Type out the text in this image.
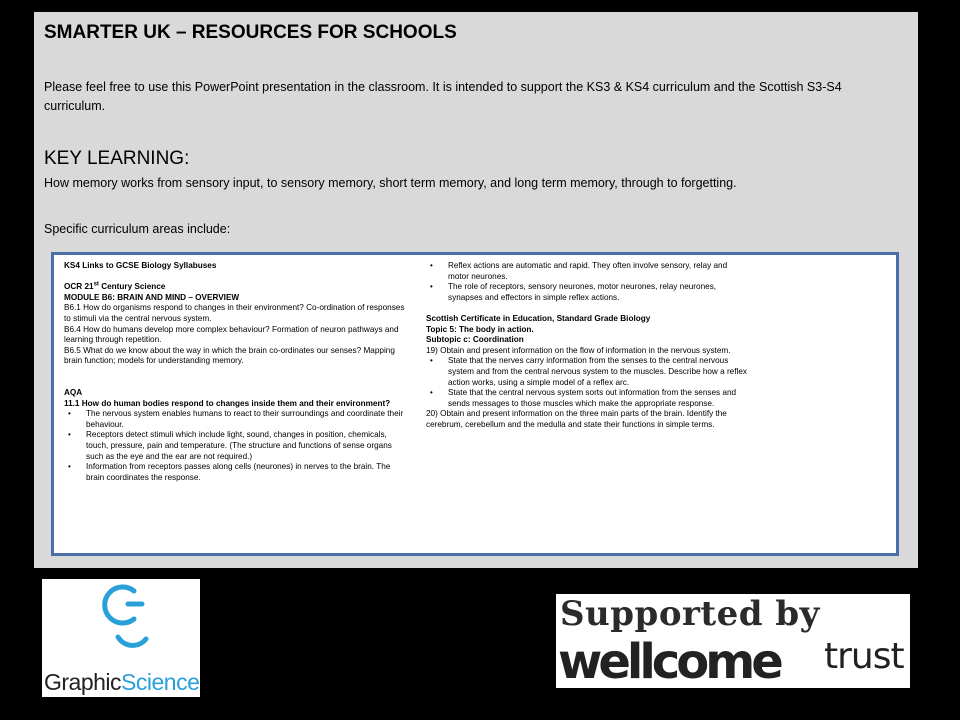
SMARTER UK – RESOURCES FOR SCHOOLS
Please feel free to use this PowerPoint presentation in the classroom. It is intended to support the KS3 & KS4 curriculum and the Scottish S3-S4 curriculum.
KEY LEARNING:
How memory works from sensory input, to sensory memory, short term memory, and long term memory, through to forgetting.
Specific curriculum areas include:

KS4 Links to GCSE Biology Syllabuses

OCR 21st Century Science

MODULE B6: BRAIN AND MIND – OVERVIEW

B6.1 How do organisms respond to changes in their environment? Co-ordination of responses to stimuli via the central nervous system.

B6.4 How do humans develop more complex behaviour? Formation of neuron pathways and learning through repetition.

B6.5 What do we know about the way in which the brain co-ordinates our senses? Mapping brain function; models for understanding memory.

AQA

11.1 How do human bodies respond to changes inside them and their environment?

• The nervous system enables humans to react to their surroundings and coordinate their behaviour.
• Receptors detect stimuli which include light, sound, changes in position, chemicals, touch, pressure, pain and temperature. (The structure and functions of sense organs such as the eye and the ear are not required.)
• Information from receptors passes along cells (neurones) in nerves to the brain. The brain coordinates the response.
• Reflex actions are automatic and rapid. They often involve sensory, relay and motor neurones.
• The role of receptors, sensory neurones, motor neurones, relay neurones, synapses and effectors in simple reflex actions.

Scottish Certificate in Education, Standard Grade Biology

Topic 5: The body in action.

Subtopic c: Coordination

19) Obtain and present information on the flow of information in the nervous system.

• State that the nerves carry information from the senses to the central nervous system and from the central nervous system to the muscles. Describe how a reflex action works, using a simple model of a reflex arc.
• State that the central nervous system sorts out information from the senses and sends messages to those muscles which make the appropriate response.

20) Obtain and present information on the three main parts of the brain. Identify the cerebrum, cerebellum and the medulla and state their functions in simple terms.

GraphicScience
Supported by
wellcome trust
